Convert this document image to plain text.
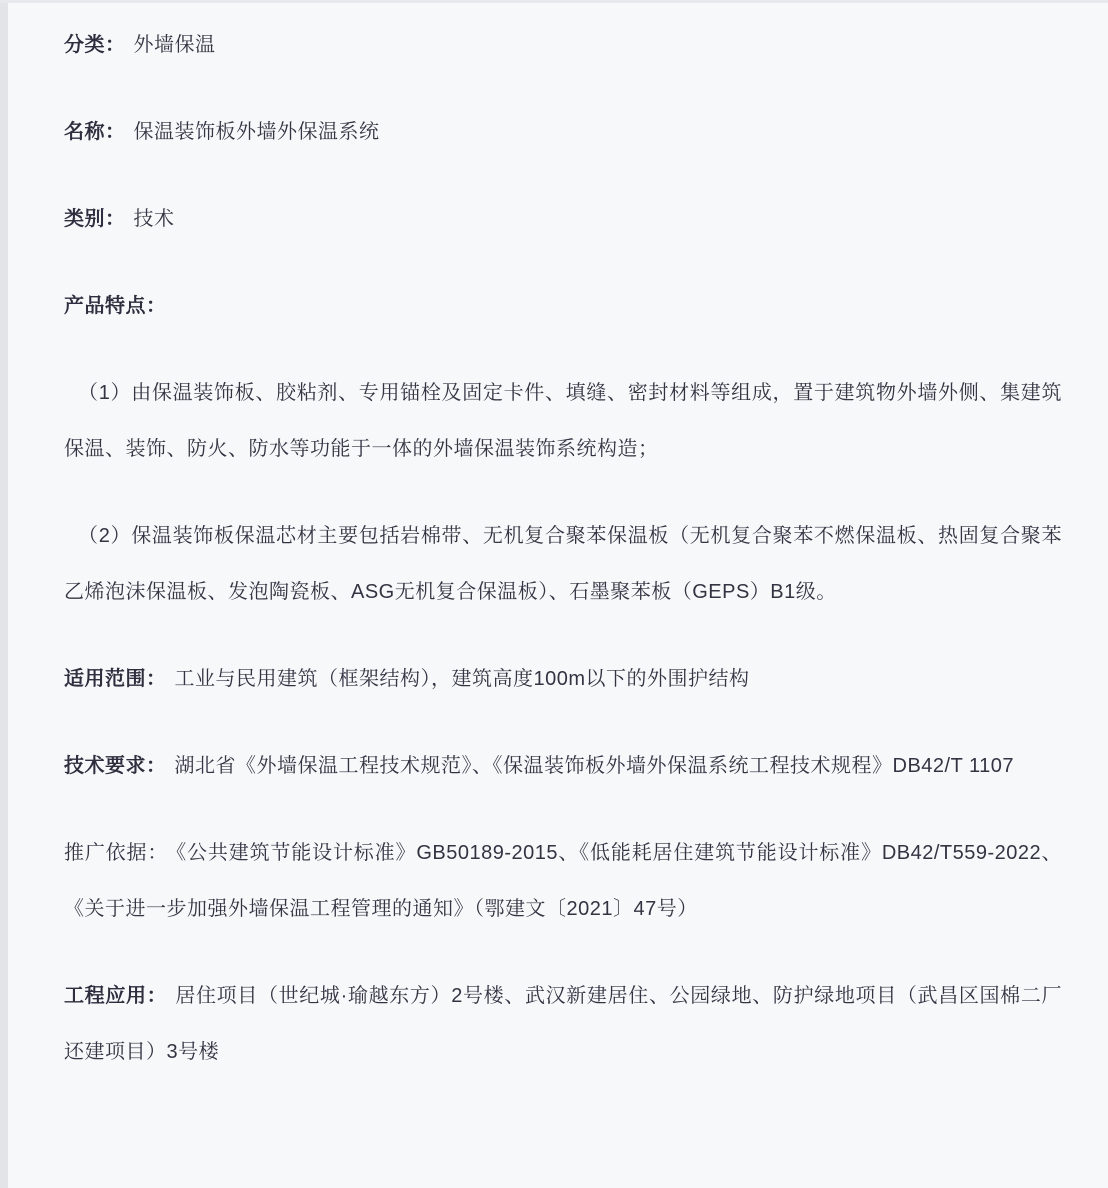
分类： 外墙保温

名称： 保温装饰板外墙外保温系统

类别： 技术

产品特点：

（1）由保温装饰板、胶粘剂、专用锚栓及固定卡件、填缝、密封材料等组成，置于建筑物外墙外侧、集建筑保温、装饰、防火、防水等功能于一体的外墙保温装饰系统构造；

（2）保温装饰板保温芯材主要包括岩棉带、无机复合聚苯保温板（无机复合聚苯不燃保温板、热固复合聚苯乙烯泡沫保温板、发泡陶瓷板、ASG无机复合保温板）、石墨聚苯板（GEPS）B1级。

适用范围： 工业与民用建筑（框架结构），建筑高度100m以下的外围护结构

技术要求： 湖北省《外墙保温工程技术规范》、《保温装饰板外墙外保温系统工程技术规程》DB42/T 1107

推广依据： 《公共建筑节能设计标准》GB50189-2015、《低能耗居住建筑节能设计标准》DB42/T559-2022、《关于进一步加强外墙保温工程管理的通知》（鄂建文〔2021〕47号）

工程应用： 居住项目（世纪城·瑜越东方）2号楼、武汉新建居住、公园绿地、防护绿地项目（武昌区国棉二厂还建项目）3号楼
